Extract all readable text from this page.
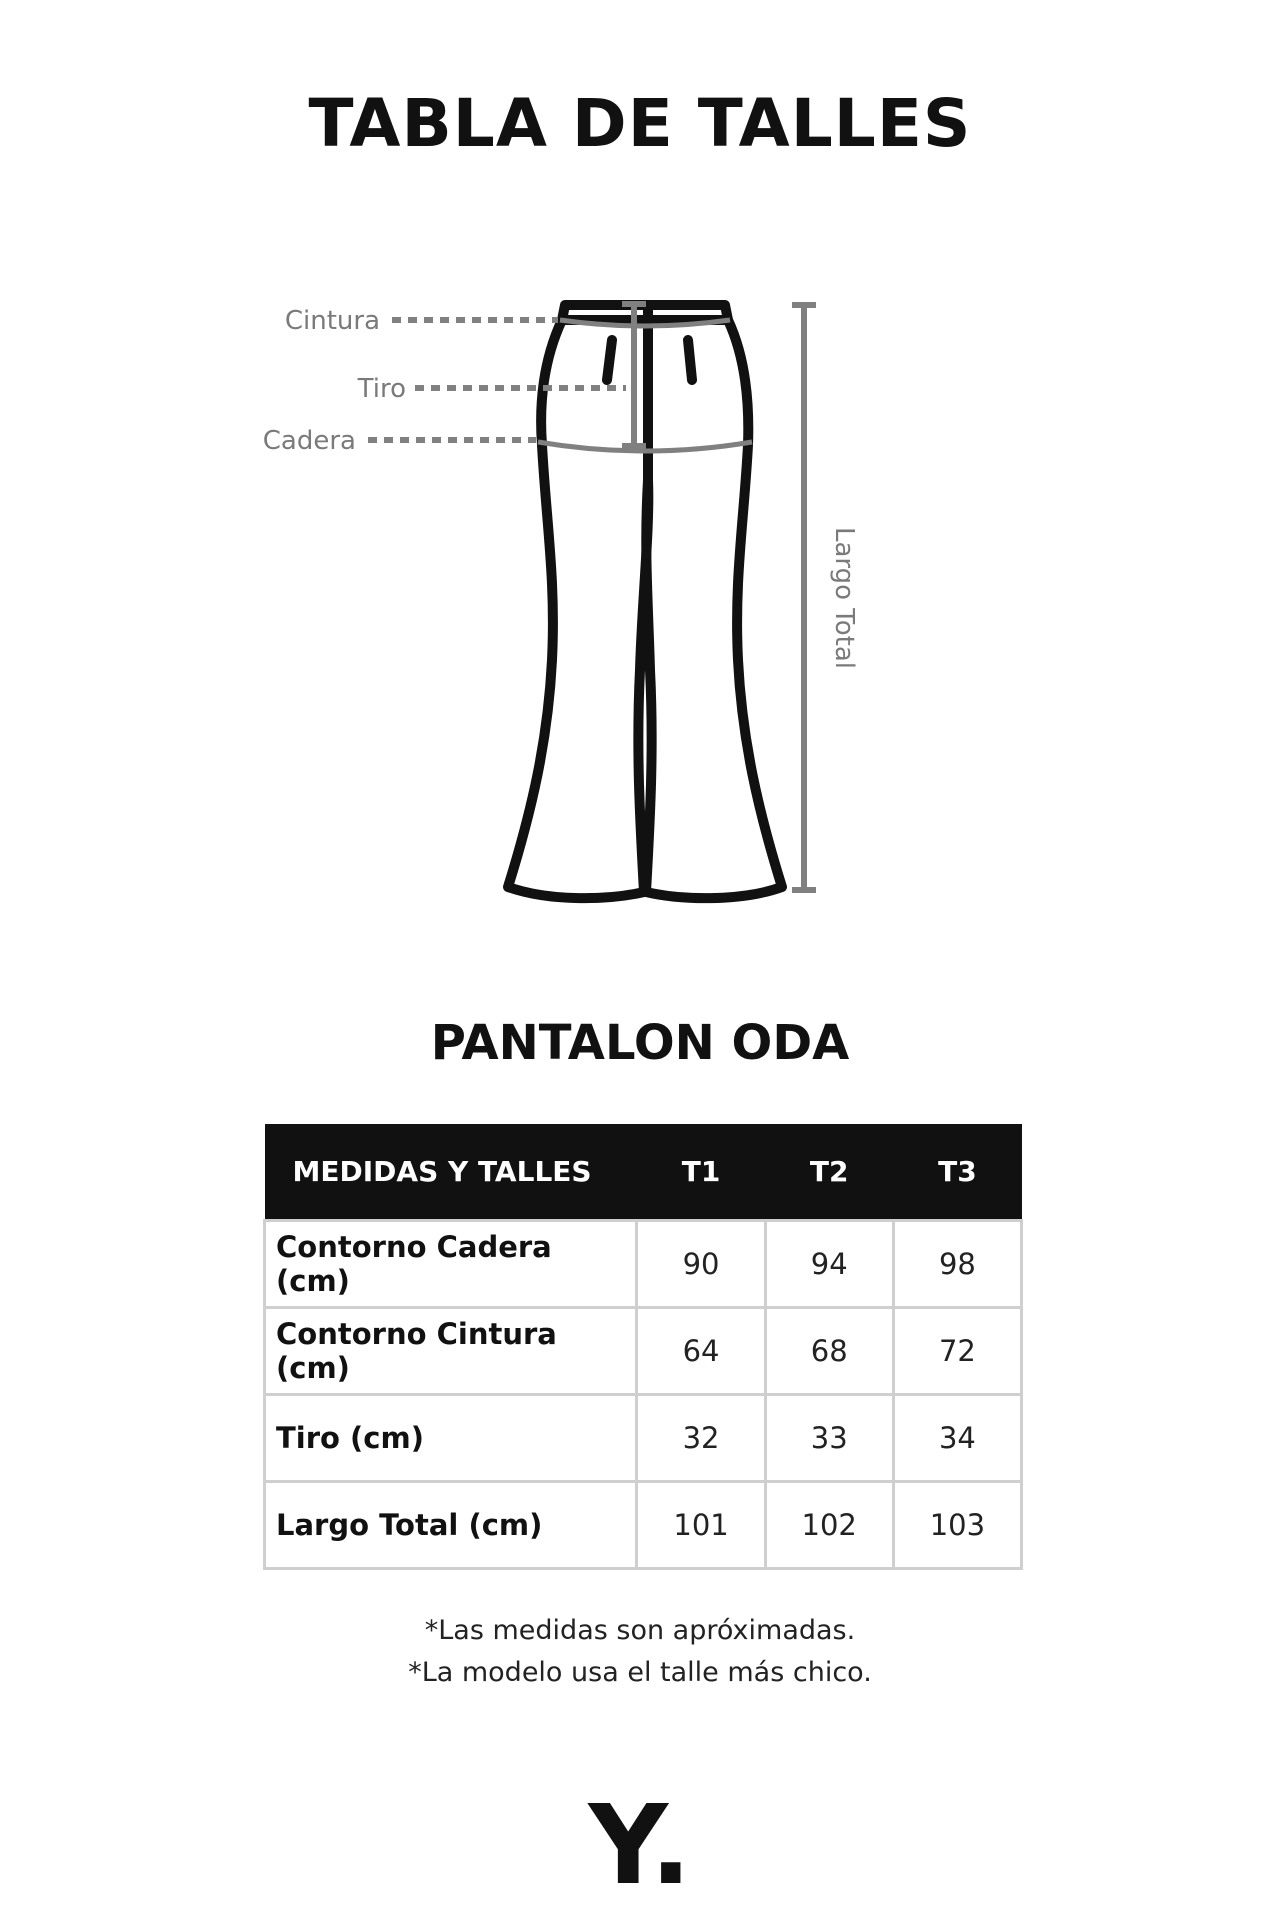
TABLA DE TALLES
Cintura
Tiro
Cadera
Largo Total
PANTALON ODA
MEDIDAS Y TALLES	T1	T2	T3
Contorno Cadera (cm)	90	94	98
Contorno Cintura (cm)	64	68	72
Tiro (cm)	32	33	34
Largo Total (cm)	101	102	103

*Las medidas son apróximadas.

*La modelo usa el talle más chico.

Y.
